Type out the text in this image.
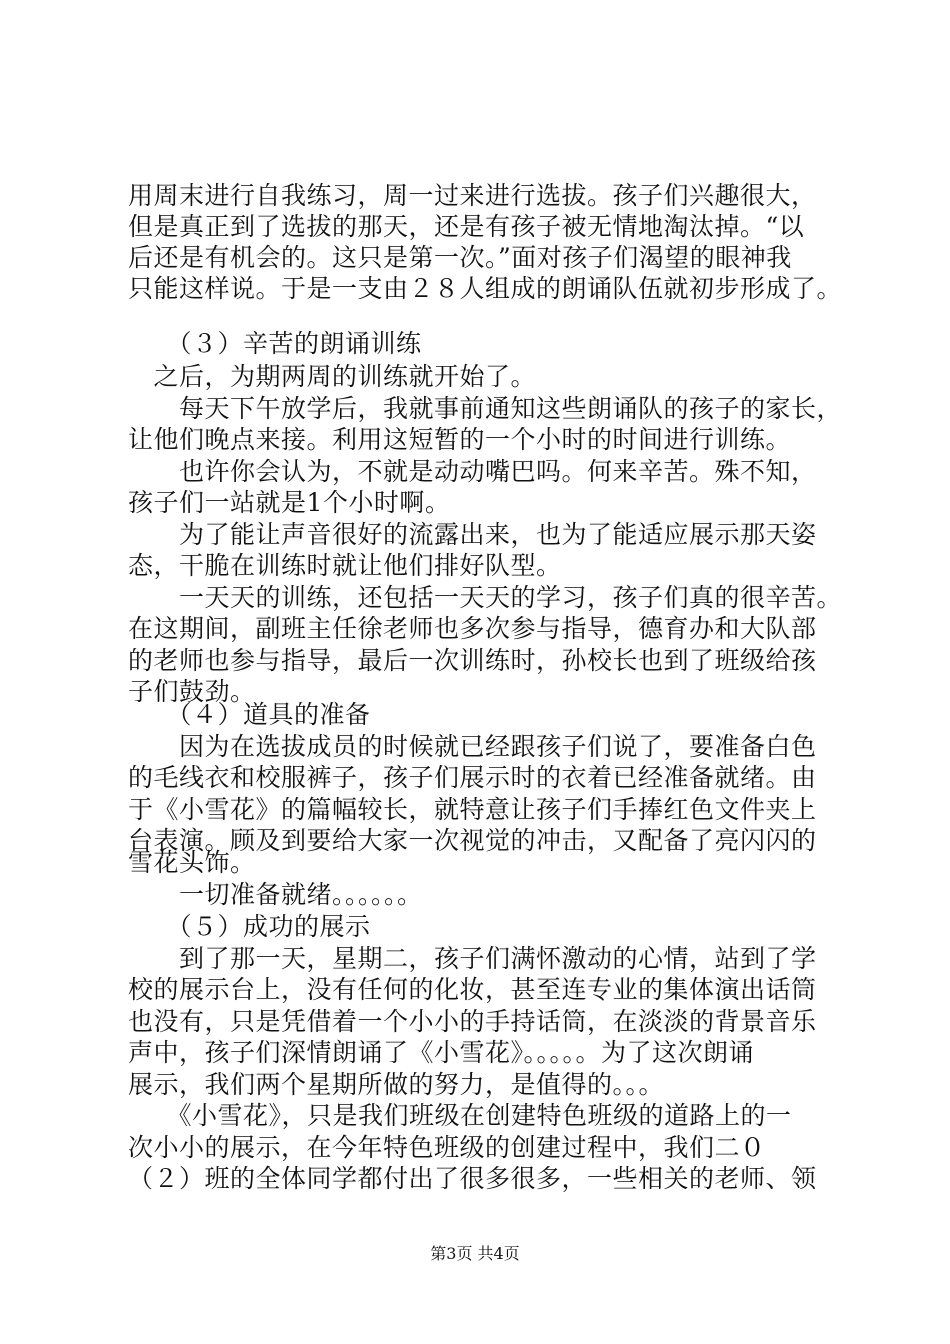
用周末进行自我练习，周一过来进行选拔。孩子们兴趣很大，
但是真正到了选拔的那天，还是有孩子被无情地淘汰掉。“以
后还是有机会的。这只是第一次。”面对孩子们渴望的眼神我
只能这样说。于是一支由２８人组成的朗诵队伍就初步形成了。
　　（３）辛苦的朗诵训练
　之后，为期两周的训练就开始了。
　　每天下午放学后，我就事前通知这些朗诵队的孩子的家长，
让他们晚点来接。利用这短暂的一个小时的时间进行训练。
　　也许你会认为，不就是动动嘴巴吗。何来辛苦。殊不知，
孩子们一站就是1个小时啊。
　　为了能让声音很好的流露出来，也为了能适应展示那天姿
态，干脆在训练时就让他们排好队型。
　　一天天的训练，还包括一天天的学习，孩子们真的很辛苦。
在这期间，副班主任徐老师也多次参与指导，德育办和大队部
的老师也参与指导，最后一次训练时，孙校长也到了班级给孩
子们鼓劲。
　　（４）道具的准备
　　因为在选拔成员的时候就已经跟孩子们说了，要准备白色
的毛线衣和校服裤子，孩子们展示时的衣着已经准备就绪。由
于《小雪花》的篇幅较长，就特意让孩子们手捧红色文件夹上
台表演。顾及到要给大家一次视觉的冲击，又配备了亮闪闪的
雪花头饰。
　　一切准备就绪。。。。。。
　　（５）成功的展示
　　到了那一天，星期二，孩子们满怀激动的心情，站到了学
校的展示台上，没有任何的化妆，甚至连专业的集体演出话筒
也没有，只是凭借着一个小小的手持话筒，在淡淡的背景音乐
声中，孩子们深情朗诵了《小雪花》。。。。。为了这次朗诵
展示，我们两个星期所做的努力，是值得的。。。
　　《小雪花》，只是我们班级在创建特色班级的道路上的一
次小小的展示，在今年特色班级的创建过程中，我们二０
（２）班的全体同学都付出了很多很多，一些相关的老师、领
第3页 共4页
